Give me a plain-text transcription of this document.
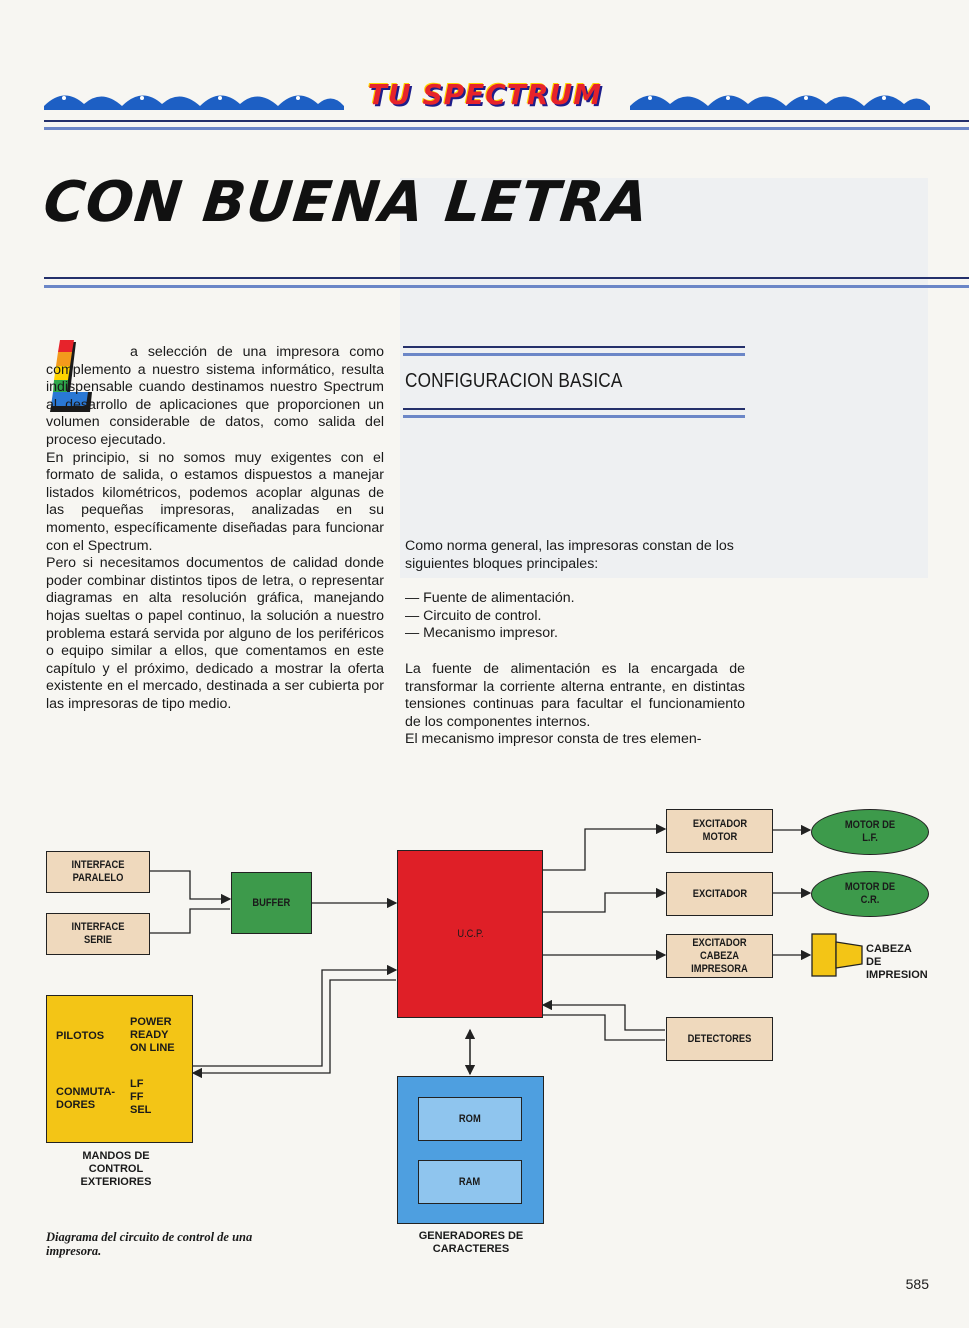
TU SPECTRUM
CON BUENA LETRA

a selección de una impresora como complemento a nuestro sistema informático, resulta indispensable cuando destinamos nuestro Spectrum al desarrollo de aplicaciones que proporcionen un volumen considerable de datos, como salida del proceso ejecutado.

En principio, si no somos muy exigentes con el formato de salida, o estamos dispuestos a manejar listados kilométricos, podemos acoplar algunas de las pequeñas impresoras, analizadas en su momento, específicamente diseñadas para funcionar con el Spectrum.

Pero si necesitamos documentos de calidad donde poder combinar distintos tipos de letra, o representar diagramas en alta resolución gráfica, manejando hojas sueltas o papel continuo, la solución a nuestro problema estará servida por alguno de los periféricos o equipo similar a ellos, que comentamos en este capítulo y el próximo, dedicado a mostrar la oferta existente en el mercado, destinada a ser cubierta por las impresoras de tipo medio.

CONFIGURACION BASICA

Como norma general, las impresoras constan de los siguientes bloques principales:

— Fuente de alimentación.
— Circuito de control.
— Mecanismo impresor.

La fuente de alimentación es la encargada de transformar la corriente alterna entrante, en distintas tensiones continuas para facultar el funcionamiento de los componentes internos.

El mecanismo impresor consta de tres elemen-

INTERFACE PARALELO
INTERFACE SERIE
BUFFER
U.C.P.
EXCITADOR MOTOR
EXCITADOR
EXCITADOR CABEZA IMPRESORA
DETECTORES
MOTOR DE L.F.
MOTOR DE C.R.
CABEZA DE IMPRESION
PILOTOS
POWER READY ON LINE
CONMUTA- DORES
LF FF SEL
MANDOS DE CONTROL EXTERIORES
ROM
RAM
GENERADORES DE CARACTERES
Diagrama del circuito de control de una impresora.
585
